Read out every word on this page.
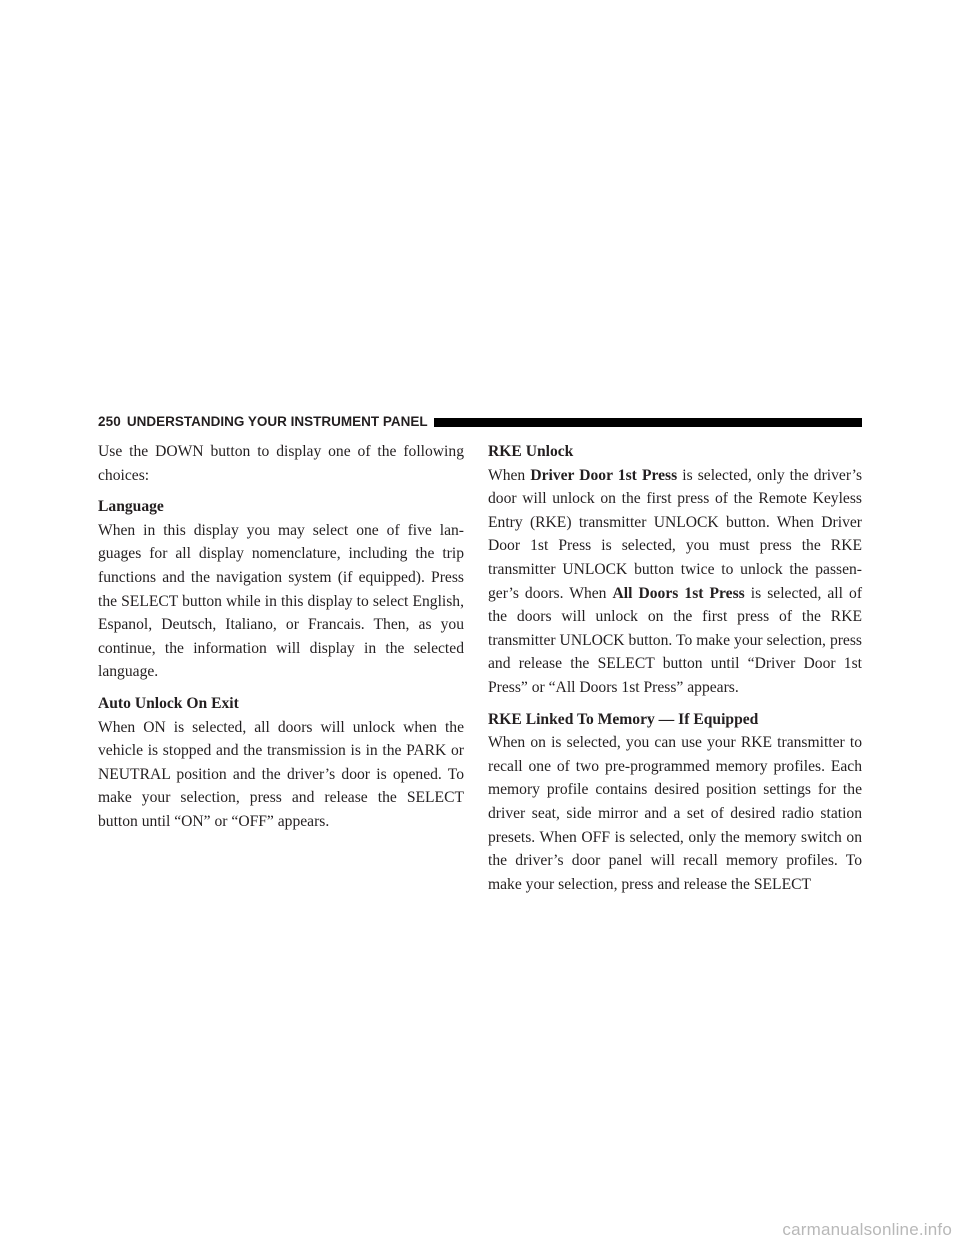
250 UNDERSTANDING YOUR INSTRUMENT PANEL

Use the DOWN button to display one of the following choices:

Language

When in this display you may select one of five lan-guages for all display nomenclature, including the trip functions and the navigation system (if equipped). Press the SELECT button while in this display to select English, Espanol, Deutsch, Italiano, or Francais. Then, as you continue, the information will display in the selected language.

Auto Unlock On Exit

When ON is selected, all doors will unlock when the vehicle is stopped and the transmission is in the PARK or NEUTRAL position and the driver’s door is opened. To make your selection, press and release the SELECT button until “ON” or “OFF” appears.

RKE Unlock

When Driver Door 1st Press is selected, only the driver’s door will unlock on the first press of the Remote Keyless Entry (RKE) transmitter UNLOCK button. When Driver Door 1st Press is selected, you must press the RKE transmitter UNLOCK button twice to unlock the passen-ger’s doors. When All Doors 1st Press is selected, all of the doors will unlock on the first press of the RKE transmitter UNLOCK button. To make your selection, press and release the SELECT button until “Driver Door 1st Press” or “All Doors 1st Press” appears.

RKE Linked To Memory — If Equipped

When on is selected, you can use your RKE transmitter to recall one of two pre-programmed memory profiles. Each memory profile contains desired position settings for the driver seat, side mirror and a set of desired radio station presets. When OFF is selected, only the memory switch on the driver’s door panel will recall memory profiles. To make your selection, press and release the SELECT

carmanualsonline.info
